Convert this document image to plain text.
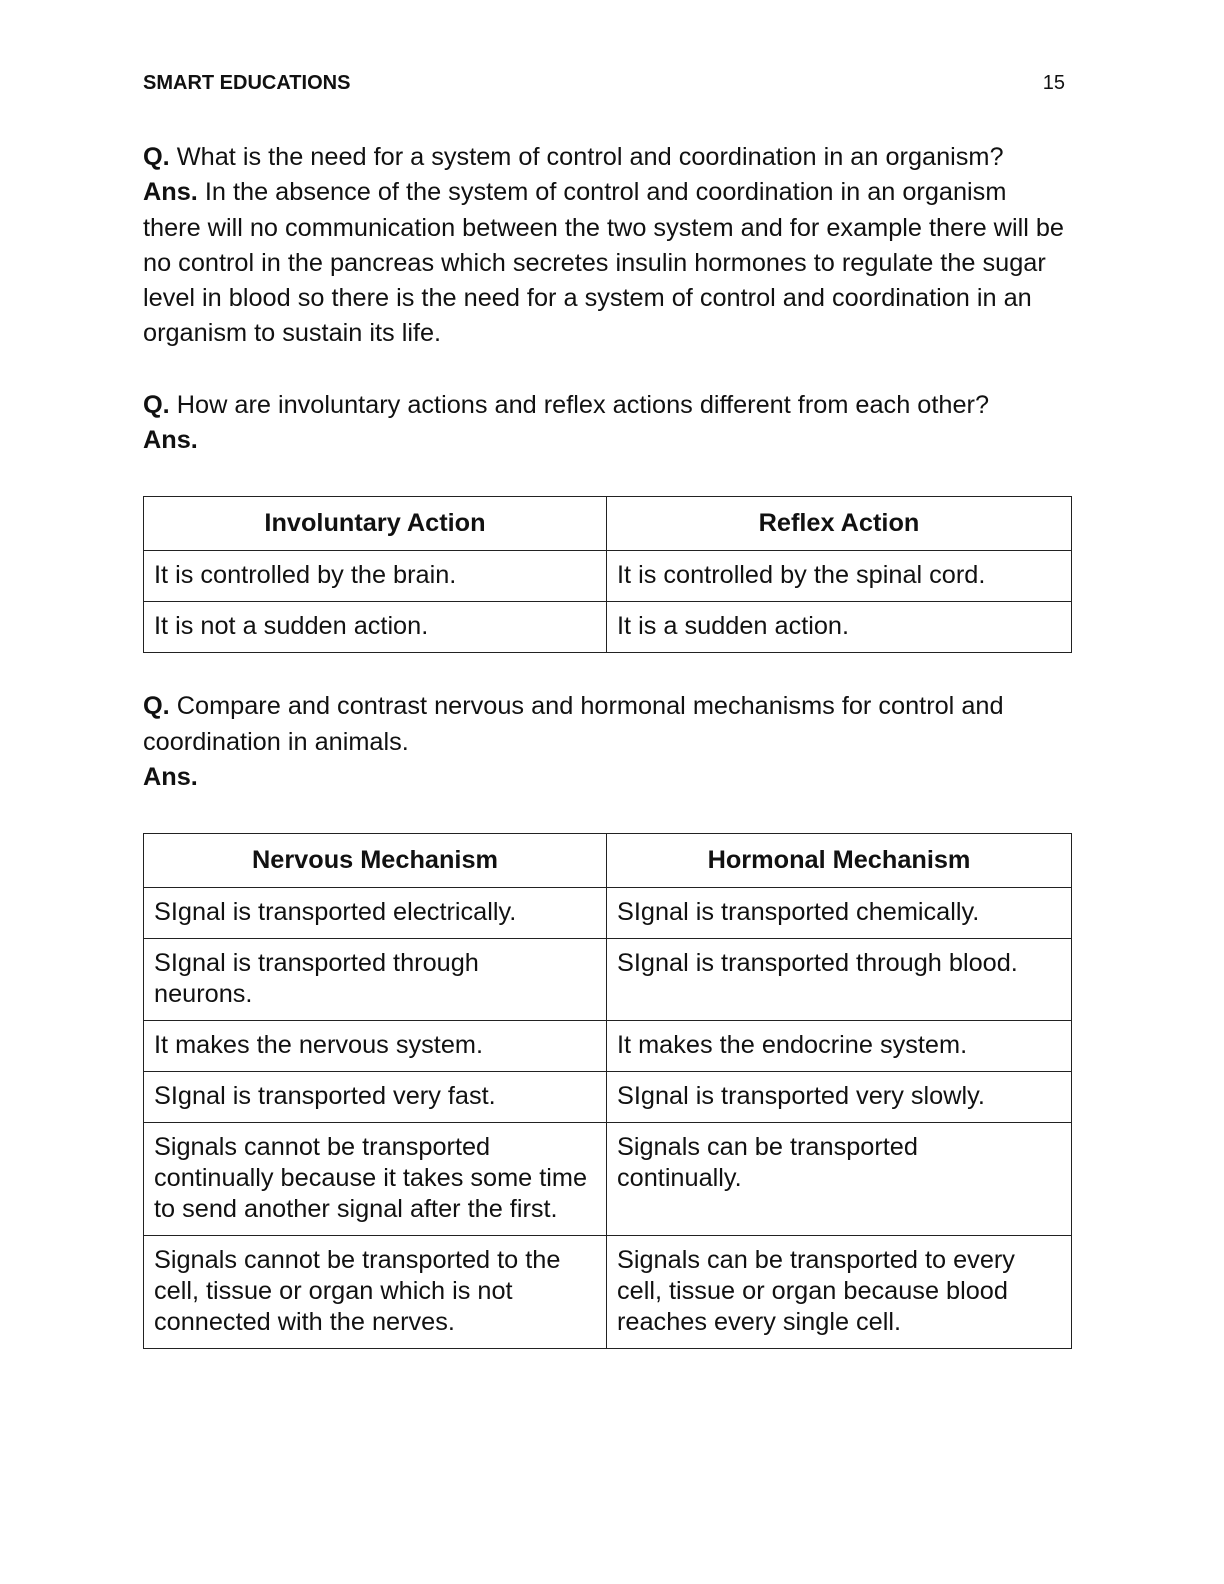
SMART EDUCATIONS	15

Q. What is the need for a system of control and coordination in an organism?
Ans. In the absence of the system of control and coordination in an organism there will no communication between the two system and for example there will be no control in the pancreas which secretes insulin hormones to regulate the sugar level in blood so there is the need for a system of control and coordination in an organism to sustain its life.

Q. How are involuntary actions and reflex actions different from each other?
Ans.

Involuntary Action	Reflex Action
It is controlled by the brain.	It is controlled by the spinal cord.
It is not a sudden action.	It is a sudden action.

Q. Compare and contrast nervous and hormonal mechanisms for control and coordination in animals.
Ans.

Nervous Mechanism	Hormonal Mechanism
SIgnal is transported electrically.	SIgnal is transported chemically.
SIgnal is transported through neurons.	SIgnal is transported through blood.
It makes the nervous system.	It makes the endocrine system.
SIgnal is transported very fast.	SIgnal is transported very slowly.
Signals cannot be transported continually because it takes some time to send another signal after the first.	Signals can be transported continually.
Signals cannot be transported to the cell, tissue or organ which is not connected with the nerves.	Signals can be transported to every cell, tissue or organ because blood reaches every single cell.
